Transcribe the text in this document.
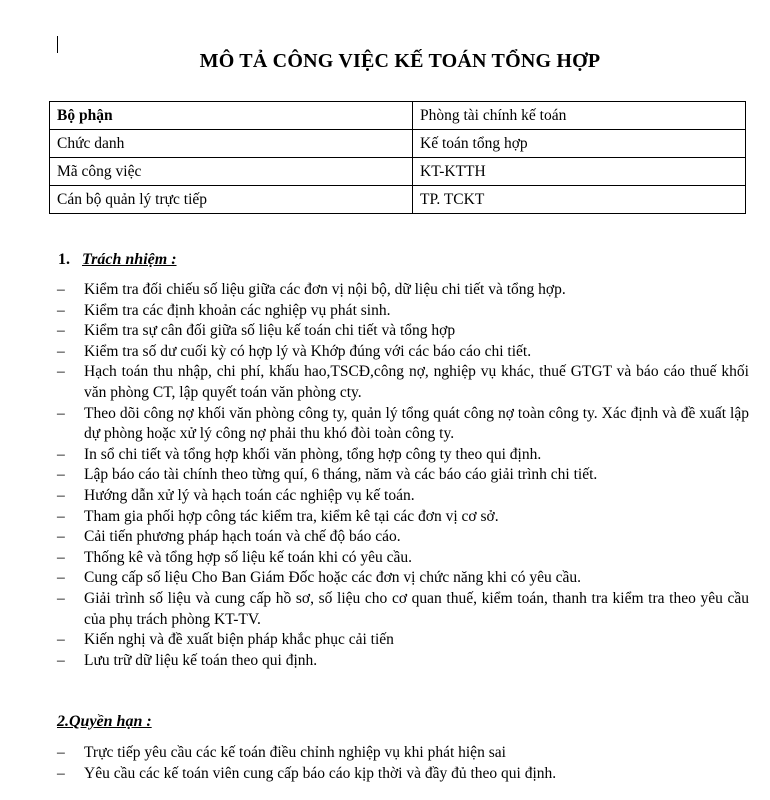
MÔ TẢ CÔNG VIỆC KẾ TOÁN TỔNG HỢP
Bộ phận	Phòng tài chính kế toán
Chức danh	Kế toán tổng hợp
Mã công việc	KT-KTTH
Cán bộ quản lý trực tiếp	TP. TCKT
1. Trách nhiệm :
– Kiểm tra đối chiếu số liệu giữa các đơn vị nội bộ, dữ liệu chi tiết và tổng hợp.
– Kiểm tra các định khoản các nghiệp vụ phát sinh.
– Kiểm tra sự cân đối giữa số liệu kế toán chi tiết và tổng hợp
– Kiểm tra số dư cuối kỳ có hợp lý và Khớp đúng với các báo cáo chi tiết.
– Hạch toán thu nhập, chi phí, khấu hao,TSCĐ,công nợ, nghiệp vụ khác, thuế GTGT và báo cáo thuế khối văn phòng CT, lập quyết toán văn phòng cty.
– Theo dõi công nợ khối văn phòng công ty, quản lý tổng quát công nợ toàn công ty. Xác định và đề xuất lập dự phòng hoặc xử lý công nợ phải thu khó đòi toàn công ty.
– In sổ chi tiết và tổng hợp khối văn phòng, tổng hợp công ty theo qui định.
– Lập báo cáo tài chính theo từng quí, 6 tháng, năm và các báo cáo giải trình chi tiết.
– Hướng dẫn xử lý và hạch toán các nghiệp vụ kế toán.
– Tham gia phối hợp công tác kiểm tra, kiểm kê tại các đơn vị cơ sở.
– Cải tiến phương pháp hạch toán và chế độ báo cáo.
– Thống kê và tổng hợp số liệu kế toán khi có yêu cầu.
– Cung cấp số liệu Cho Ban Giám Đốc hoặc các đơn vị chức năng khi có yêu cầu.
– Giải trình số liệu và cung cấp hồ sơ, số liệu cho cơ quan thuế, kiểm toán, thanh tra kiểm tra theo yêu cầu của phụ trách phòng KT-TV.
– Kiến nghị và đề xuất biện pháp khắc phục cải tiến
– Lưu trữ dữ liệu kế toán theo qui định.
2.Quyền hạn :
– Trực tiếp yêu cầu các kế toán điều chỉnh nghiệp vụ khi phát hiện sai
– Yêu cầu các kế toán viên cung cấp báo cáo kịp thời và đầy đủ theo qui định.
